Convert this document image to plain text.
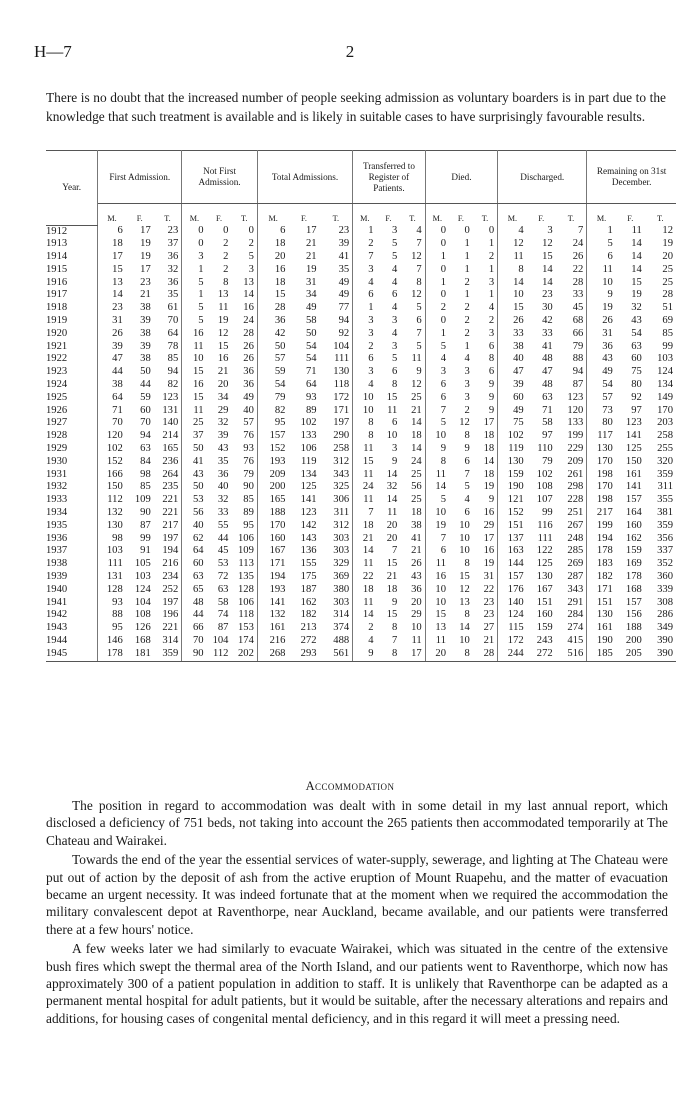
H—7	2
There is no doubt that the increased number of people seeking admission as voluntary boarders is in part due to the knowledge that such treatment is available and is likely in suitable cases to have surprisingly favourable results.
Year.	First Admission.			Not First Admission.			Total Admissions.			Transferred to Register of Patients.			Died.			Discharged.			Remaining on 31st December.		
	M.	F.	T.	M.	F.	T.	M.	F.	T.	M.	F.	T.	M.	F.	T.	M.	F.	T.	M.	F.	T.
1912	6	17	23	0	0	0	6	17	23	1	3	4	0	0	0	4	3	7	1	11	12
1913	18	19	37	0	2	2	18	21	39	2	5	7	0	1	1	12	12	24	5	14	19
1914	17	19	36	3	2	5	20	21	41	7	5	12	1	1	2	11	15	26	6	14	20
1915	15	17	32	1	2	3	16	19	35	3	4	7	0	1	1	8	14	22	11	14	25
1916	13	23	36	5	8	13	18	31	49	4	4	8	1	2	3	14	14	28	10	15	25
1917	14	21	35	1	13	14	15	34	49	6	6	12	0	1	1	10	23	33	9	19	28
1918	23	38	61	5	11	16	28	49	77	1	4	5	2	2	4	15	30	45	19	32	51
1919	31	39	70	5	19	24	36	58	94	3	3	6	0	2	2	26	42	68	26	43	69
1920	26	38	64	16	12	28	42	50	92	3	4	7	1	2	3	33	33	66	31	54	85
1921	39	39	78	11	15	26	50	54	104	2	3	5	5	1	6	38	41	79	36	63	99
1922	47	38	85	10	16	26	57	54	111	6	5	11	4	4	8	40	48	88	43	60	103
1923	44	50	94	15	21	36	59	71	130	3	6	9	3	3	6	47	47	94	49	75	124
1924	38	44	82	16	20	36	54	64	118	4	8	12	6	3	9	39	48	87	54	80	134
1925	64	59	123	15	34	49	79	93	172	10	15	25	6	3	9	60	63	123	57	92	149
1926	71	60	131	11	29	40	82	89	171	10	11	21	7	2	9	49	71	120	73	97	170
1927	70	70	140	25	32	57	95	102	197	8	6	14	5	12	17	75	58	133	80	123	203
1928	120	94	214	37	39	76	157	133	290	8	10	18	10	8	18	102	97	199	117	141	258
1929	102	63	165	50	43	93	152	106	258	11	3	14	9	9	18	119	110	229	130	125	255
1930	152	84	236	41	35	76	193	119	312	15	9	24	8	6	14	130	79	209	170	150	320
1931	166	98	264	43	36	79	209	134	343	11	14	25	11	7	18	159	102	261	198	161	359
1932	150	85	235	50	40	90	200	125	325	24	32	56	14	5	19	190	108	298	170	141	311
1933	112	109	221	53	32	85	165	141	306	11	14	25	5	4	9	121	107	228	198	157	355
1934	132	90	221	56	33	89	188	123	311	7	11	18	10	6	16	152	99	251	217	164	381
1935	130	87	217	40	55	95	170	142	312	18	20	38	19	10	29	151	116	267	199	160	359
1936	98	99	197	62	44	106	160	143	303	21	20	41	7	10	17	137	111	248	194	162	356
1937	103	91	194	64	45	109	167	136	303	14	7	21	6	10	16	163	122	285	178	159	337
1938	111	105	216	60	53	113	171	155	329	11	15	26	11	8	19	144	125	269	183	169	352
1939	131	103	234	63	72	135	194	175	369	22	21	43	16	15	31	157	130	287	182	178	360
1940	128	124	252	65	63	128	193	187	380	18	18	36	10	12	22	176	167	343	171	168	339
1941	93	104	197	48	58	106	141	162	303	11	9	20	10	13	23	140	151	291	151	157	308
1942	88	108	196	44	74	118	132	182	314	14	15	29	15	8	23	124	160	284	130	156	286
1943	95	126	221	66	87	153	161	213	374	2	8	10	13	14	27	115	159	274	161	188	349
1944	146	168	314	70	104	174	216	272	488	4	7	11	11	10	21	172	243	415	190	200	390
1945	178	181	359	90	112	202	268	293	561	9	8	17	20	8	28	244	272	516	185	205	390
Accommodation

The position in regard to accommodation was dealt with in some detail in my last annual report, which disclosed a deficiency of 751 beds, not taking into account the 265 patients then accommodated temporarily at The Chateau and Wairakei.

Towards the end of the year the essential services of water-supply, sewerage, and lighting at The Chateau were put out of action by the deposit of ash from the active eruption of Mount Ruapehu, and the matter of evacuation became an urgent necessity. It was indeed fortunate that at the moment when we required the accommodation the military convalescent depot at Raventhorpe, near Auckland, became available, and our patients were transferred there at a few hours' notice.

A few weeks later we had similarly to evacuate Wairakei, which was situated in the centre of the extensive bush fires which swept the thermal area of the North Island, and our patients went to Raventhorpe, which now has approximately 300 of a patient population in addition to staff. It is unlikely that Raventhorpe can be adapted as a permanent mental hospital for adult patients, but it would be suitable, after the necessary alterations and repairs and additions, for housing cases of congenital mental deficiency, and in this regard it will meet a pressing need.
